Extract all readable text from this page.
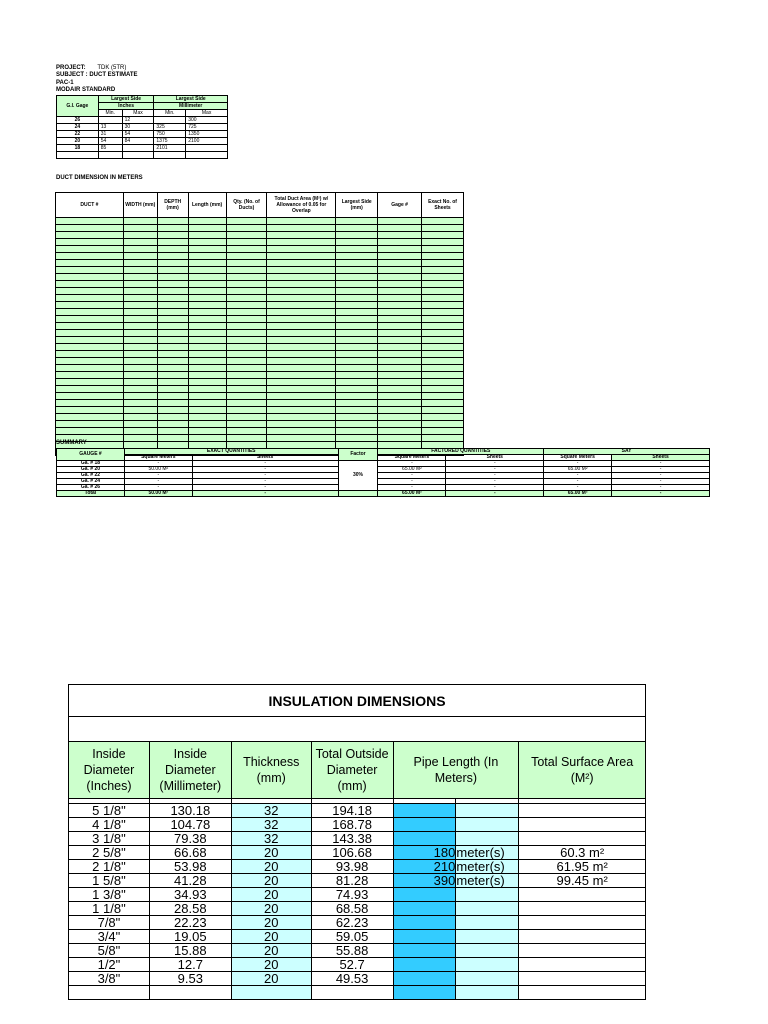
PROJECT: TDK (5TR)
SUBJECT : DUCT ESTIMATE
PAC-1
MODAIR STANDARD
G.I. Gage	Largest Side		Largest Side	
	Inches		Millimeter	
	Min.	Max	Min.	Max
26		12		300
24	13	30	325	725
22	31	54	750	1350
20	54	84	1375	2100
18	85		2101	

DUCT DIMENSION IN METERS
DUCT #	WIDTH (mm)	DEPTH (mm)	Length (mm)	Qty. (No. of Ducts)	Total Duct Area (M²) w/ Allowance of 0.05 for Overlap	Largest Side (mm)	Gage #	Exact No. of Sheets

SUMMARY
GAUGE #	EXACT QUANTITIES		Factor	FACTORED QUANTITIES		SAY	
	Square Meters	Sheets		Square Meters	Sheets	Square Meters	Sheets
Ga. # 18	-	-	30%	-	-	-	-
Ga. # 20	50.00 M²	-		65.00 M²	-	65.00 M²	-
Ga. # 22	-	-		-	-	-	-
Ga. # 24	-	-		-	-	-	-
Ga. # 26	-	-		-	-	-	-
Total	50.00 M²	-		65.00 M²	-	65.00 M²	-
INSULATION DIMENSIONS						

Inside Diameter (Inches)	Inside Diameter (Millimeter)	Thickness (mm)	Total Outside Diameter (mm)	Pipe Length (In Meters)		Total Surface Area (M²)

5 1/8"	130.18	32	194.18			
4 1/8"	104.78	32	168.78			
3 1/8"	79.38	32	143.38			
2 5/8"	66.68	20	106.68	180	meter(s)	60.3 m²
2 1/8"	53.98	20	93.98	210	meter(s)	61.95 m²
1 5/8"	41.28	20	81.28	390	meter(s)	99.45 m²
1 3/8"	34.93	20	74.93			
1 1/8"	28.58	20	68.58			
7/8"	22.23	20	62.23			
3/4"	19.05	20	59.05			
5/8"	15.88	20	55.88			
1/2"	12.7	20	52.7			
3/8"	9.53	20	49.53			
